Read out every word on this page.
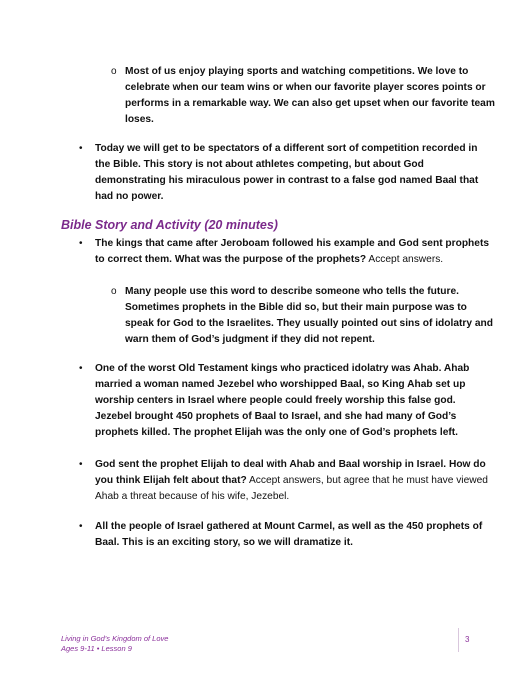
o Most of us enjoy playing sports and watching competitions. We love to celebrate when our team wins or when our favorite player scores points or performs in a remarkable way. We can also get upset when our favorite team loses.
• Today we will get to be spectators of a different sort of competition recorded in the Bible. This story is not about athletes competing, but about God demonstrating his miraculous power in contrast to a false god named Baal that had no power.
Bible Story and Activity (20 minutes)
• The kings that came after Jeroboam followed his example and God sent prophets to correct them. What was the purpose of the prophets? Accept answers.
o Many people use this word to describe someone who tells the future. Sometimes prophets in the Bible did so, but their main purpose was to speak for God to the Israelites. They usually pointed out sins of idolatry and warn them of God’s judgment if they did not repent.
• One of the worst Old Testament kings who practiced idolatry was Ahab. Ahab married a woman named Jezebel who worshipped Baal, so King Ahab set up worship centers in Israel where people could freely worship this false god. Jezebel brought 450 prophets of Baal to Israel, and she had many of God’s prophets killed. The prophet Elijah was the only one of God’s prophets left.
• God sent the prophet Elijah to deal with Ahab and Baal worship in Israel. How do you think Elijah felt about that? Accept answers, but agree that he must have viewed Ahab a threat because of his wife, Jezebel.
• All the people of Israel gathered at Mount Carmel, as well as the 450 prophets of Baal. This is an exciting story, so we will dramatize it.
Living in God’s Kingdom of Love
Ages 9-11 • Lesson 9
3
